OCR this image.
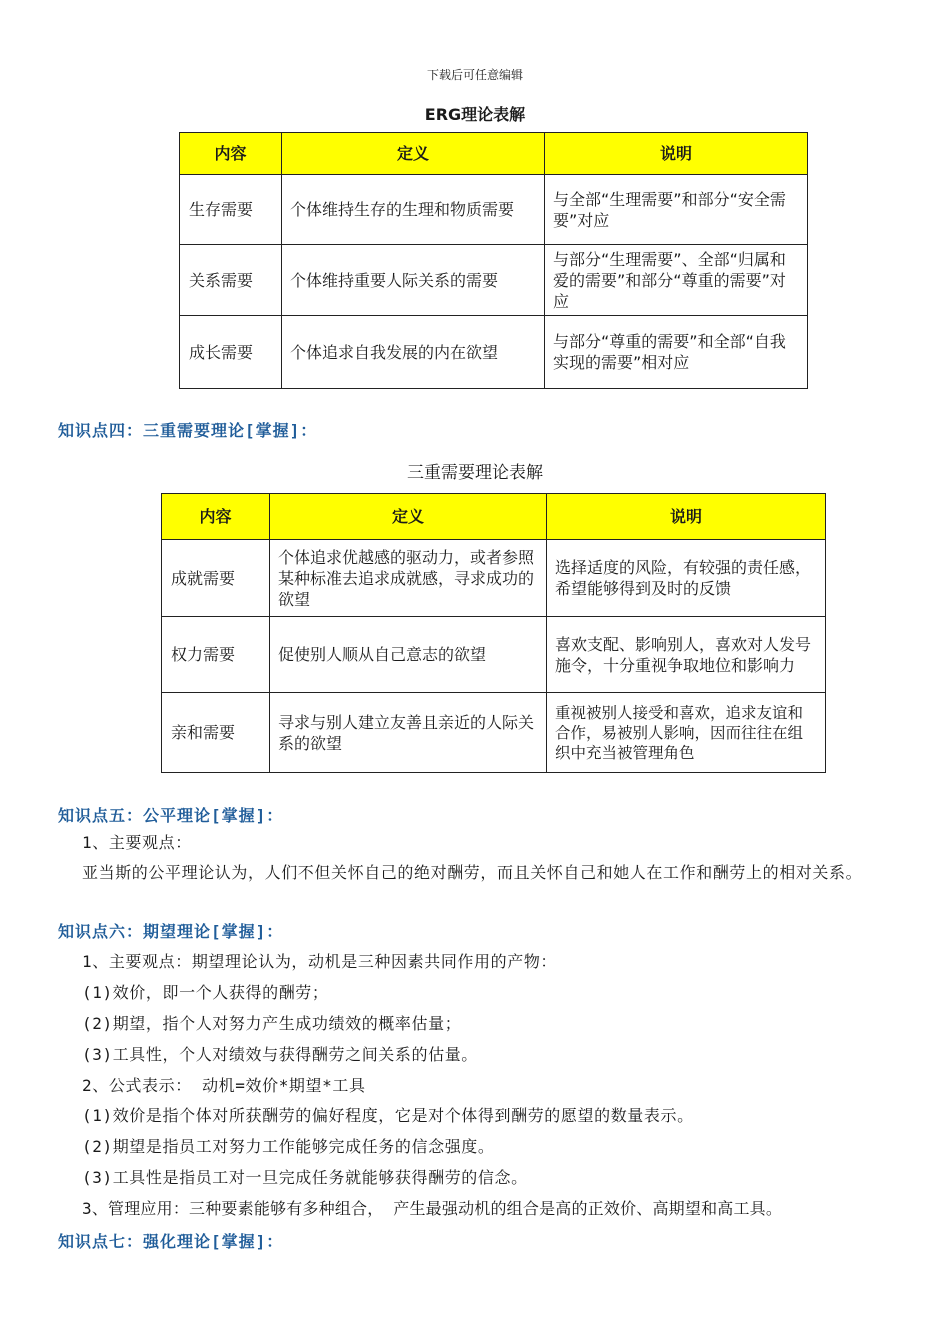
下载后可任意编辑
ERG理论表解
内容	定义	说明
生存需要	个体维持生存的生理和物质需要	与全部“生理需要”和部分“安全需要”对应
关系需要	个体维持重要人际关系的需要	与部分“生理需要”、全部“归属和爱的需要”和部分“尊重的需要”对应
成长需要	个体追求自我发展的内在欲望	与部分“尊重的需要”和全部“自我实现的需要”相对应
知识点四：三重需要理论[掌握]：
三重需要理论表解
内容	定义	说明
成就需要	个体追求优越感的驱动力，或者参照某种标准去追求成就感，寻求成功的欲望	选择适度的风险，有较强的责任感，希望能够得到及时的反馈
权力需要	促使别人顺从自己意志的欲望	喜欢支配、影响别人，喜欢对人发号施令，十分重视争取地位和影响力
亲和需要	寻求与别人建立友善且亲近的人际关系的欲望	重视被别人接受和喜欢，追求友谊和合作，易被别人影响，因而往往在组织中充当被管理角色
知识点五：公平理论[掌握]：
1、主要观点：
亚当斯的公平理论认为，人们不但关怀自己的绝对酬劳，而且关怀自己和她人在工作和酬劳上的相对关系。
知识点六：期望理论[掌握]：
1、主要观点：期望理论认为，动机是三种因素共同作用的产物：
(1)效价，即一个人获得的酬劳；
(2)期望，指个人对努力产生成功绩效的概率估量；
(3)工具性，个人对绩效与获得酬劳之间关系的估量。
2、公式表示： 动机=效价*期望*工具
(1)效价是指个体对所获酬劳的偏好程度，它是对个体得到酬劳的愿望的数量表示。
(2)期望是指员工对努力工作能够完成任务的信念强度。
(3)工具性是指员工对一旦完成任务就能够获得酬劳的信念。
3、管理应用：三种要素能够有多种组合， 产生最强动机的组合是高的正效价、高期望和高工具。
知识点七：强化理论[掌握]：
